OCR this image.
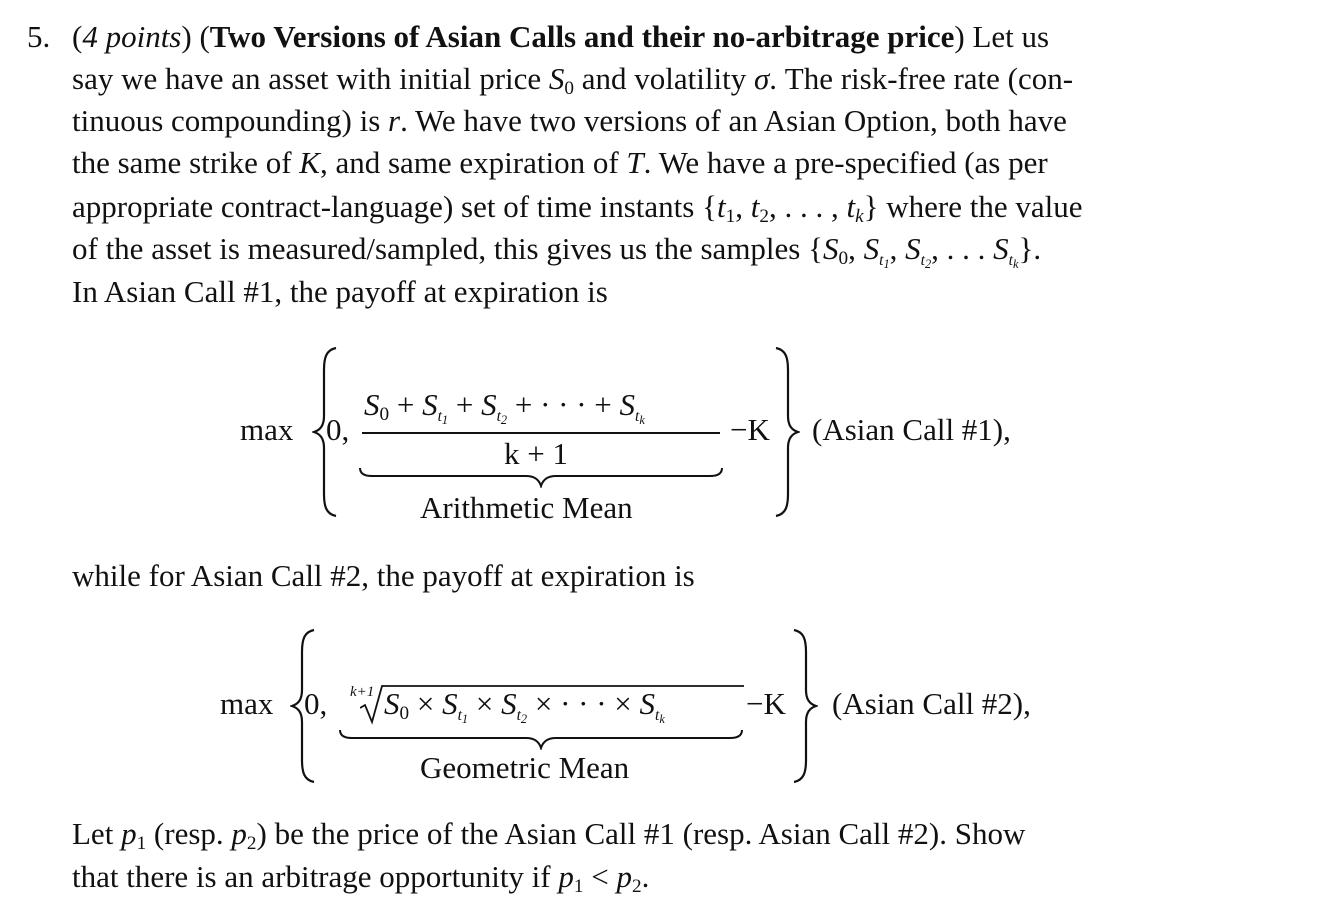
5. (4 points) (Two Versions of Asian Calls and their no-arbitrage price) Let us
say we have an asset with initial price $S_0$ and volatility σ. The risk-free rate (con-
tinuous compounding) is r. We have two versions of an Asian Option, both have
the same strike of K, and same expiration of T. We have a pre-specified (as per
appropriate contract-language) set of time instants {$t_1$, $t_2$, . . . , $t_k$} where the value
of the asset is measured/sampled, this gives us the samples {$S_0$, $S_{t_1}$, $S_{t_2}$, . . . $S_{t_k}$}.
In Asian Call #1, the payoff at expiration is
max 0,
$S_0 + S_{t_1} + S_{t_2}$ + · · · + $S_{t_k}$
k + 1
Arithmetic Mean
−K (Asian Call #1),
while for Asian Call #2, the payoff at expiration is
max 0, k+1 $S_0 \times S_{t_1} \times S_{t_2}$ × · · · × $S_{t_k}$
Geometric Mean
−K (Asian Call #2),
Let $p_1$ (resp. $p_2$) be the price of the Asian Call #1 (resp. Asian Call #2). Show
that there is an arbitrage opportunity if $p_1 < p_2$.
